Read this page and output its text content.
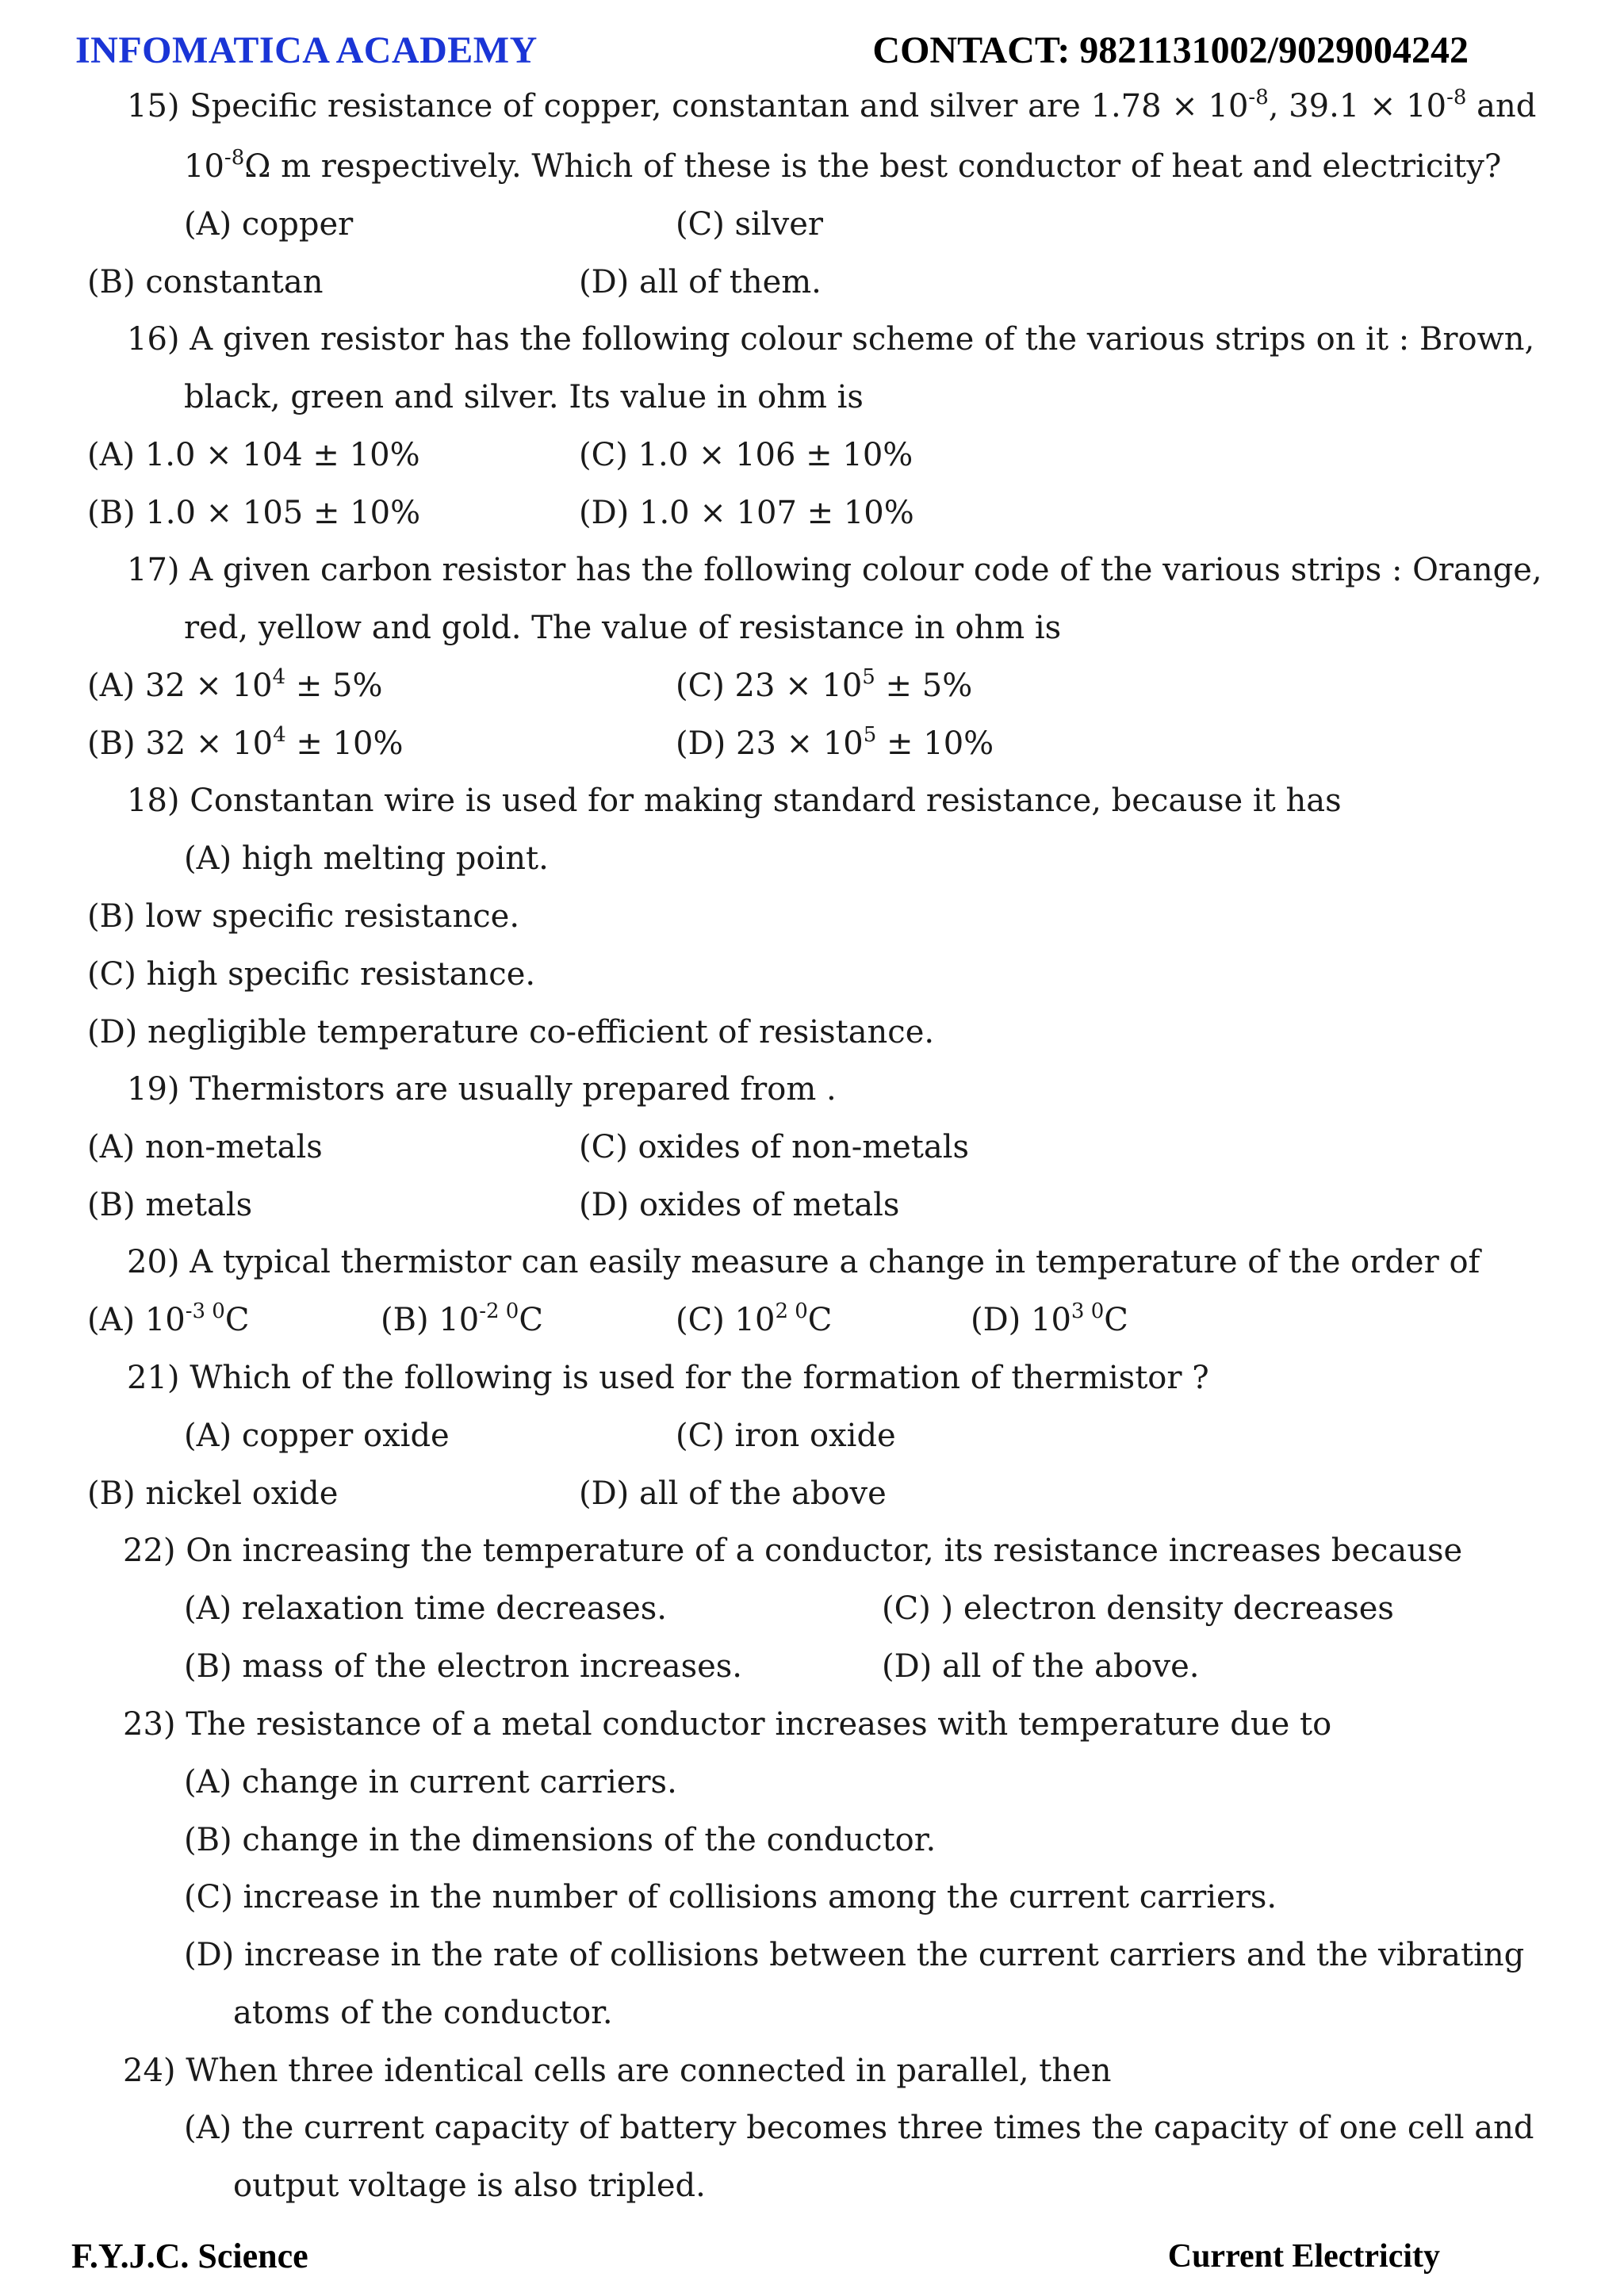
INFOMATICA ACADEMY	CONTACT: 9821131002/9029004242
15) Specific resistance of copper, constantan and silver are $1.78 \times 10^{-8}$, $39.1 \times 10^{-8}$ and
$10^{-8}\Omega$ m respectively. Which of these is the best conductor of heat and electricity?
(A) copper	(C) silver
(B) constantan	(D) all of them.
16) A given resistor has the following colour scheme of the various strips on it : Brown,
black, green and silver. Its value in ohm is
(A) 1.0 × 104 ± 10%	(C) 1.0 × 106 ± 10%
(B) 1.0 × 105 ± 10%	(D) 1.0 × 107 ± 10%
17) A given carbon resistor has the following colour code of the various strips : Orange,
red, yellow and gold. The value of resistance in ohm is
(A) $32 \times 10^4 \pm 5\%$	(C) $23 \times 10^5 \pm 5\%$
(B) $32 \times 10^4 \pm 10\%$	(D) $23 \times 10^5 \pm 10\%$
18) Constantan wire is used for making standard resistance, because it has
(A) high melting point.
(B) low specific resistance.
(C) high specific resistance.
(D) negligible temperature co-efficient of resistance.
19) Thermistors are usually prepared from .
(A) non-metals	(C) oxides of non-metals
(B) metals	(D) oxides of metals
20) A typical thermistor can easily measure a change in temperature of the order of
(A) $10^{-3 0}C$	(B) $10^{-2 0}C$	(C) $10^{2 0}C$	(D) $10^{3 0}C$
21) Which of the following is used for the formation of thermistor ?
(A) copper oxide	(C) iron oxide
(B) nickel oxide	(D) all of the above
22) On increasing the temperature of a conductor, its resistance increases because
(A) relaxation time decreases.	(C) ) electron density decreases
(B) mass of the electron increases.	(D) all of the above.
23) The resistance of a metal conductor increases with temperature due to
(A) change in current carriers.
(B) change in the dimensions of the conductor.
(C) increase in the number of collisions among the current carriers.
(D) increase in the rate of collisions between the current carriers and the vibrating
atoms of the conductor.
24) When three identical cells are connected in parallel, then
(A) the current capacity of battery becomes three times the capacity of one cell and
output voltage is also tripled.
F.Y.J.C. Science	Current Electricity
